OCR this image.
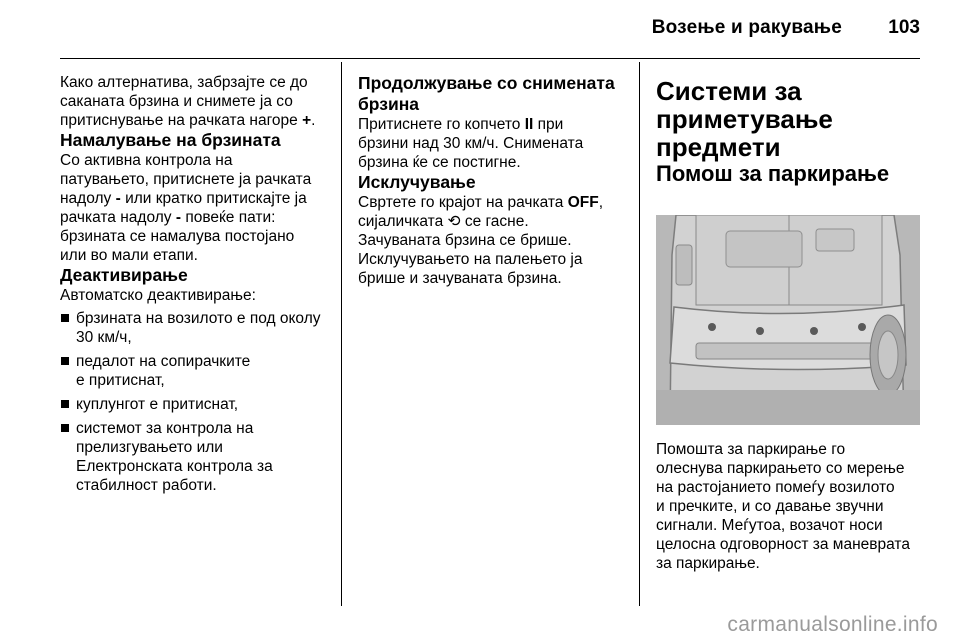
Возење и ракување 103

Како алтернатива, забрзајте се до
саканата брзина и снимете ја со
притиснување на рачката нагоре +.

Намалување на брзината

Со активна контрола на
патувањето, притиснете ја рачката
надолу - или кратко притискајте ја
рачката надолу - повеќе пати:
брзината се намалува постојано
или во мали етапи.

Деактивирање

Автоматско деактивирање:

брзината на возилото е под околу
30 км/ч,
педалот на сопирачките
е притиснат,
куплунгот е притиснат,
системот за контрола на
прелизгувањето или
Електронската контрола за
стабилност работи.

Продолжување со снимената
брзина

Притиснете го копчето II при
брзини над 30 км/ч. Снимената
брзина ќе се постигне.

Исклучување

Свртете го крајот на рачката OFF,
сијаличката ⟲ се гасне.
Зачуваната брзина се брише.
Исклучувањето на палењето ја
брише и зачуваната брзина.

Системи за
приметување
предмети

Помош за паркирање

Помошта за паркирање го
олеснува паркирањето со мерење
на растојанието помеѓу возилото
и пречките, и со давање звучни
сигнали. Меѓутоа, возачот носи
целосна одговорност за маневрата
за паркирање.
carmanualsonline.info
